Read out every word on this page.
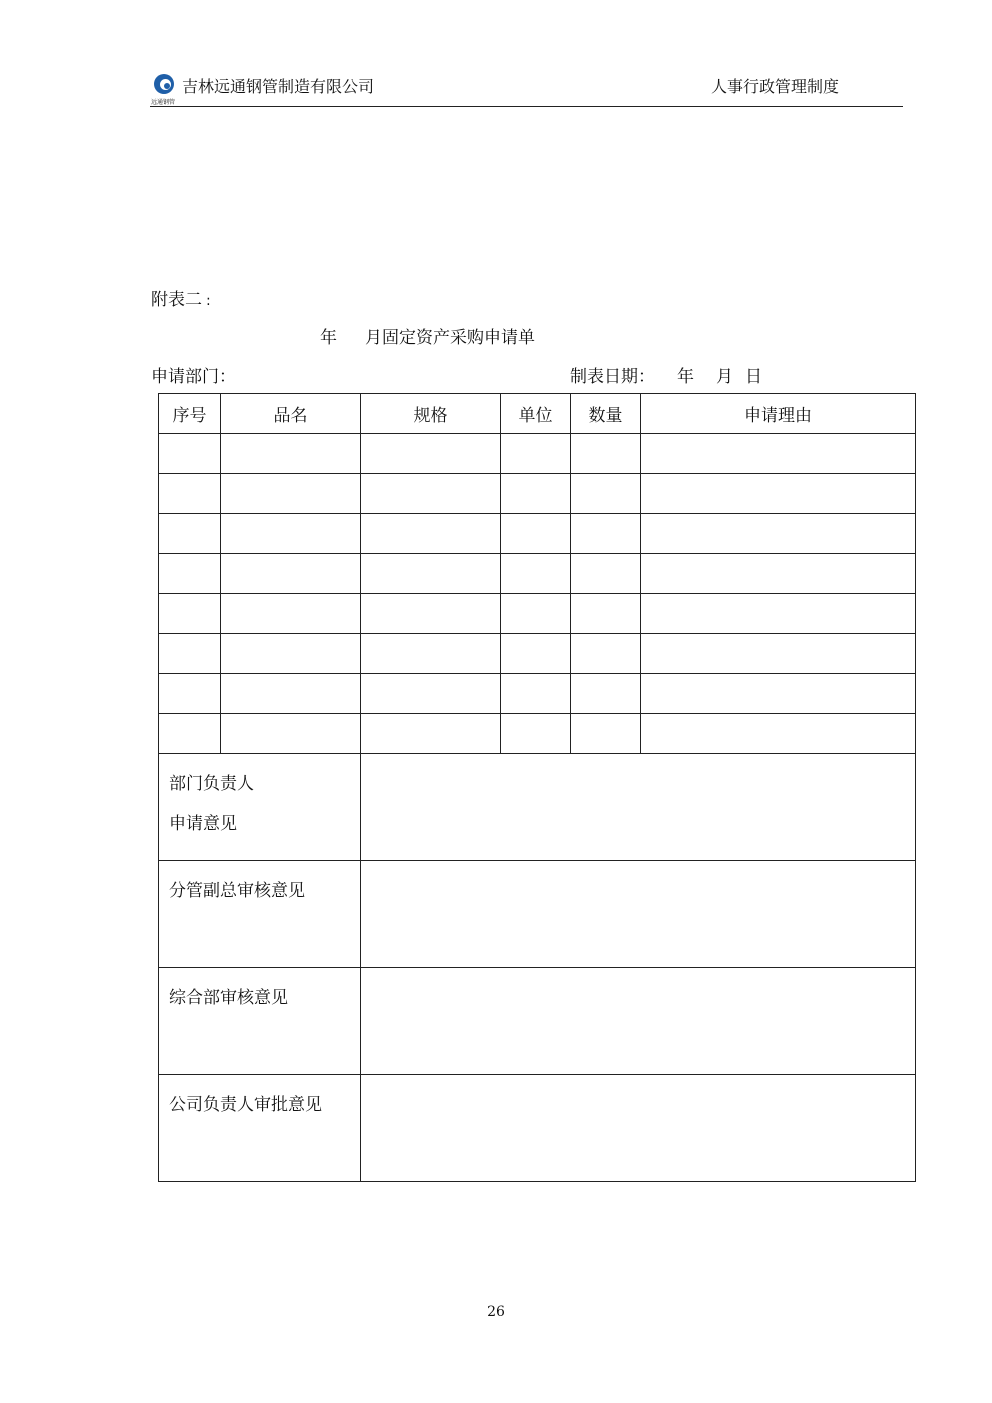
远通钢管
吉林远通钢管制造有限公司	人事行政管理制度
附表二 :
年 月固定资产采购申请单
申请部门：	制表日期： 年 月 日
序号	品名	规格	单位	数量	申请理由

部门负责人
申请意见					

分管副总审核意见					

综合部审核意见					

公司负责人审批意见					

26
